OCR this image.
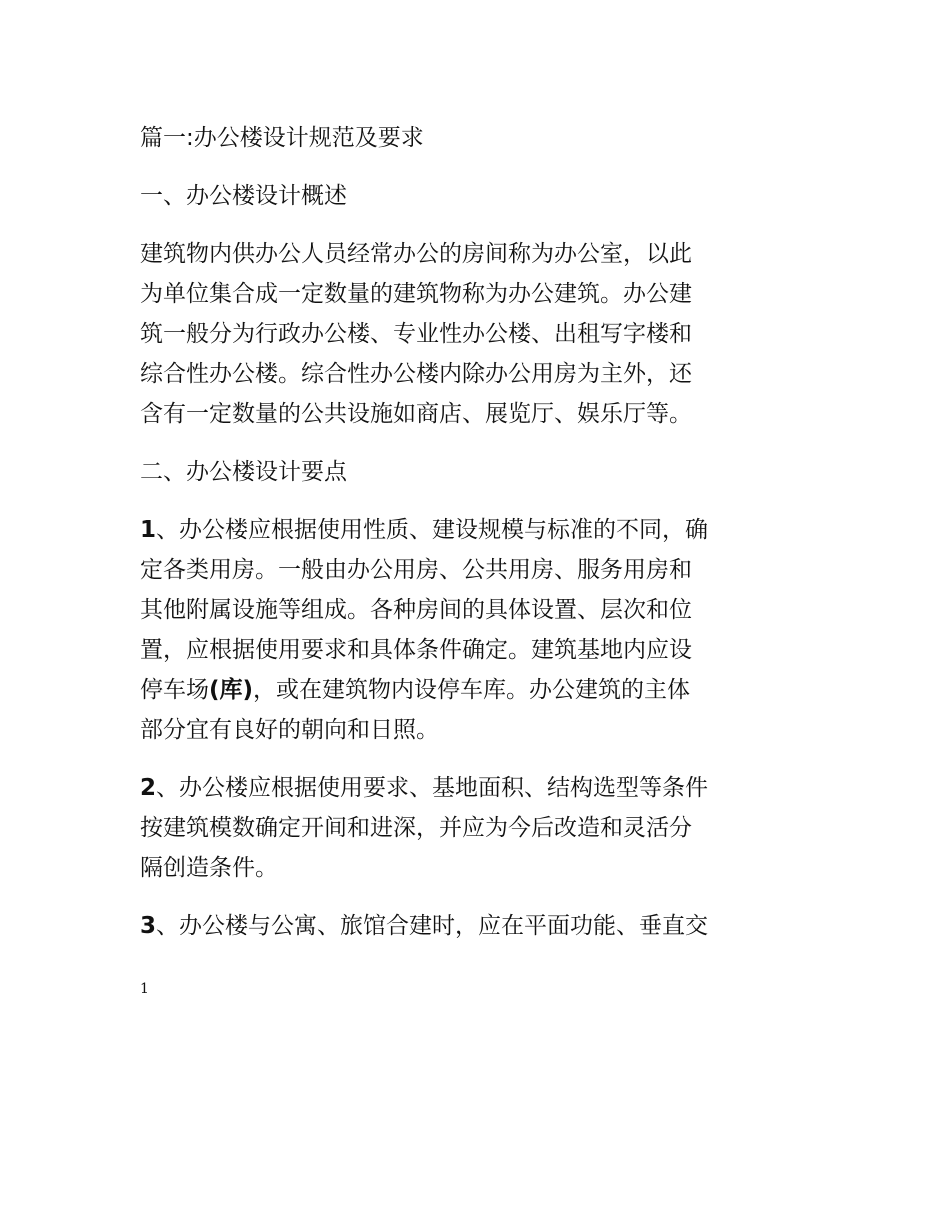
篇一:办公楼设计规范及要求
一、办公楼设计概述
建筑物内供办公人员经常办公的房间称为办公室，以此
为单位集合成一定数量的建筑物称为办公建筑。办公建
筑一般分为行政办公楼、专业性办公楼、出租写字楼和
综合性办公楼。综合性办公楼内除办公用房为主外，还
含有一定数量的公共设施如商店、展览厅、娱乐厅等。
二、办公楼设计要点
1、办公楼应根据使用性质、建设规模与标准的不同，确
定各类用房。一般由办公用房、公共用房、服务用房和
其他附属设施等组成。各种房间的具体设置、层次和位
置，应根据使用要求和具体条件确定。建筑基地内应设
停车场(库)，或在建筑物内设停车库。办公建筑的主体
部分宜有良好的朝向和日照。
2、办公楼应根据使用要求、基地面积、结构选型等条件
按建筑模数确定开间和进深，并应为今后改造和灵活分
隔创造条件。
3、办公楼与公寓、旅馆合建时，应在平面功能、垂直交
1
